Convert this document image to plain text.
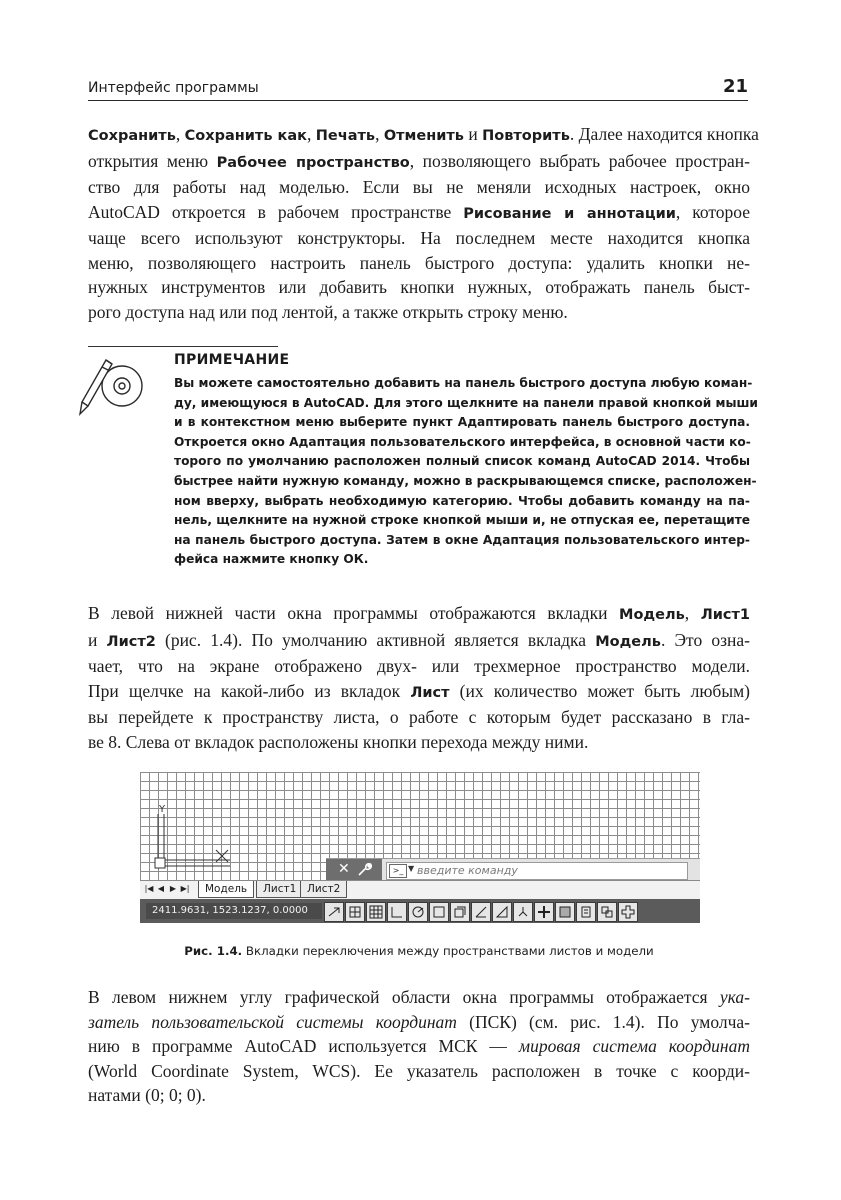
Интерфейс программы	21
Сохранить, Сохранить как, Печать, Отменить и Повторить. Далее находится кнопка
открытия меню Рабочее пространство, позволяющего выбрать рабочее простран-
ство для работы над моделью. Если вы не меняли исходных настроек, окно
AutoCAD откроется в рабочем пространстве Рисование и аннотации, которое
чаще всего используют конструкторы. На последнем месте находится кнопка
меню, позволяющего настроить панель быстрого доступа: удалить кнопки не-
нужных инструментов или добавить кнопки нужных, отображать панель быст-
рого доступа над или под лентой, а также открыть строку меню.
ПРИМЕЧАНИЕ
Вы можете самостоятельно добавить на панель быстрого доступа любую коман-
ду, имеющуюся в AutoCAD. Для этого щелкните на панели правой кнопкой мыши
и в контекстном меню выберите пункт Адаптировать панель быстрого доступа.
Откроется окно Адаптация пользовательского интерфейса, в основной части ко-
торого по умолчанию расположен полный список команд AutoCAD 2014. Чтобы
быстрее найти нужную команду, можно в раскрывающемся списке, расположен-
ном вверху, выбрать необходимую категорию. Чтобы добавить команду на па-
нель, щелкните на нужной строке кнопкой мыши и, не отпуская ее, перетащите
на панель быстрого доступа. Затем в окне Адаптация пользовательского интер-
фейса нажмите кнопку ОК.
В левой нижней части окна программы отображаются вкладки Модель, Лист1
и Лист2 (рис. 1.4). По умолчанию активной является вкладка Модель. Это озна-
чает, что на экране отображено двух- или трехмерное пространство модели.
При щелчке на какой-либо из вкладок Лист (их количество может быть любым)
вы перейдете к пространству листа, о работе с которым будет рассказано в гла-
ве 8. Слева от вкладок расположены кнопки перехода между ними.
Y
✕	>_ ▼ введите команду
|◀ ◀ ▶ ▶|	Модель	Лист1	Лист2
2411.9631, 1523.1237, 0.0000
Рис. 1.4. Вкладки переключения между пространствами листов и модели
В левом нижнем углу графической области окна программы отображается ука-
затель пользовательской системы координат (ПСК) (см. рис. 1.4). По умолча-
нию в программе AutoCAD используется МСК — мировая система координат
(World Coordinate System, WCS). Ее указатель расположен в точке с коорди-
натами (0; 0; 0).
